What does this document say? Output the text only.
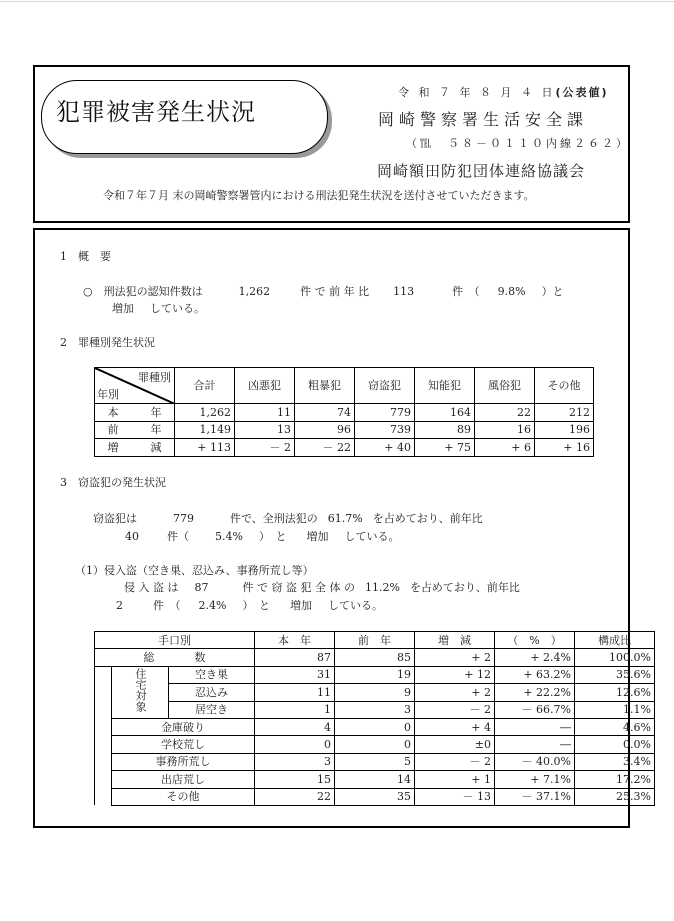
犯罪被害発生状況
令 和 ７ 年 ８ 月 ４ 日(公表値)
岡崎警察署生活安全課
（℡　５８－０１１０内線２６２）
岡崎額田防犯団体連絡協議会
令和７年７月 末の岡崎警察署管内における刑法犯発生状況を送付させていただきます。
1　概　要
○　刑法犯の認知件数は	1,262	件 で 前 年 比 113	件　（ 9.8% ）と
増加 している。
2　罪種別発生状況
罪種別
年別	合計	凶悪犯	粗暴犯	窃盗犯	知能犯	風俗犯	その他
本 年	1,262	11	74	779	164	22	212
前 年	1,149	13	96	739	89	16	196
増 減	+ 113	－ 2	－ 22	+ 40	+ 75	+ 6	+ 16
3　窃盗犯の発生状況
窃盗犯は	779	件で、全刑法犯の 61.7% を占めており、前年比
40	件（ 5.4% ）　と 増加 している。
（1）侵入盗（空き巣、忍込み、事務所荒し等）
侵 入 盗 は 87	件 で 窃 盗 犯 全 体 の 11.2% を占めており、前年比
2	件　（ 2.4% ）　と 増加 している。
手口別			本　年	前　年	増　減	（　%　）	構成比
総 数			87	85	+ 2	+ 2.4%	100.0%
	住宅対象	空き巣	31	19	+ 12	+ 63.2%	35.6%
		忍込み	11	9	+ 2	+ 22.2%	12.6%
		居空き	1	3	－ 2	－ 66.7%	1.1%
	金庫破り		4	0	+ 4	―	4.6%
	学校荒し		0	0	±0	―	0.0%
	事務所荒し		3	5	－ 2	－ 40.0%	3.4%
	出店荒し		15	14	+ 1	+ 7.1%	17.2%
	その他		22	35	－ 13	－ 37.1%	25.3%
